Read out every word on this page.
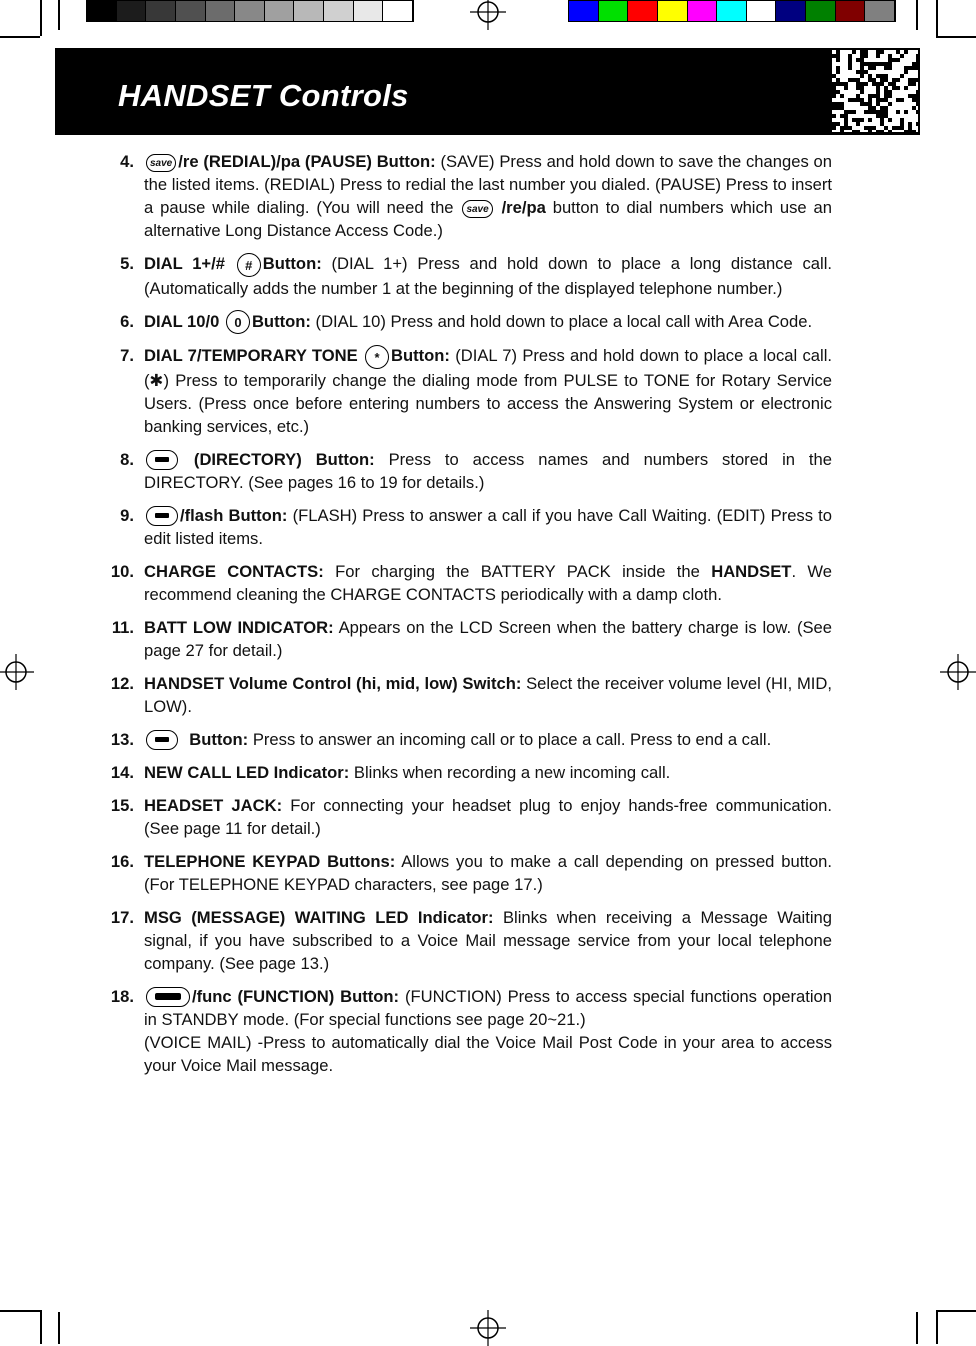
HANDSET Controls
4.	save /re (REDIAL)/pa (PAUSE) Button: (SAVE) Press and hold down to save the changes on the listed items. (REDIAL) Press to redial the last number you dialed. (PAUSE) Press to insert a pause while dialing. (You will need the save /re/pa button to dial numbers which use an alternative Long Distance Access Code.)
5. DIAL 1+/# # Button: (DIAL 1+) Press and hold down to place a long distance call. (Automatically adds the number 1 at the beginning of the displayed telephone number.)
6. DIAL 10/0 0 Button: (DIAL 10) Press and hold down to place a local call with Area Code.
7. DIAL 7/TEMPORARY TONE * Button: (DIAL 7) Press and hold down to place a local call. (✱) Press to temporarily change the dialing mode from PULSE to TONE for Rotary Service Users. (Press once before entering numbers to access the Answering System or electronic banking services, etc.)
8.	(DIRECTORY) Button: Press to access names and numbers stored in the DIRECTORY. (See pages 16 to 19 for details.)
9.	/flash Button: (FLASH) Press to answer a call if you have Call Waiting. (EDIT) Press to edit listed items.
10. CHARGE CONTACTS: For charging the BATTERY PACK inside the HANDSET. We recommend cleaning the CHARGE CONTACTS periodically with a damp cloth.
11. BATT LOW INDICATOR: Appears on the LCD Screen when the battery charge is low. (See page 27 for detail.)
12. HANDSET Volume Control (hi, mid, low) Switch: Select the receiver volume level (HI, MID, LOW).
13.	Button: Press to answer an incoming call or to place a call. Press to end a call.
14. NEW CALL LED Indicator: Blinks when recording a new incoming call.
15. HEADSET JACK: For connecting your headset plug to enjoy hands-free communication. (See page 11 for detail.)
16. TELEPHONE KEYPAD Buttons: Allows you to make a call depending on pressed button. (For TELEPHONE KEYPAD characters, see page 17.)
17. MSG (MESSAGE) WAITING LED Indicator: Blinks when receiving a Message Waiting signal, if you have subscribed to a Voice Mail message service from your local telephone company. (See page 13.)
18.	/func (FUNCTION) Button: (FUNCTION) Press to access special functions operation in STANDBY mode. (For special functions see page 20~21.)
(VOICE MAIL) -Press to automatically dial the Voice Mail Post Code in your area to access your Voice Mail message.
